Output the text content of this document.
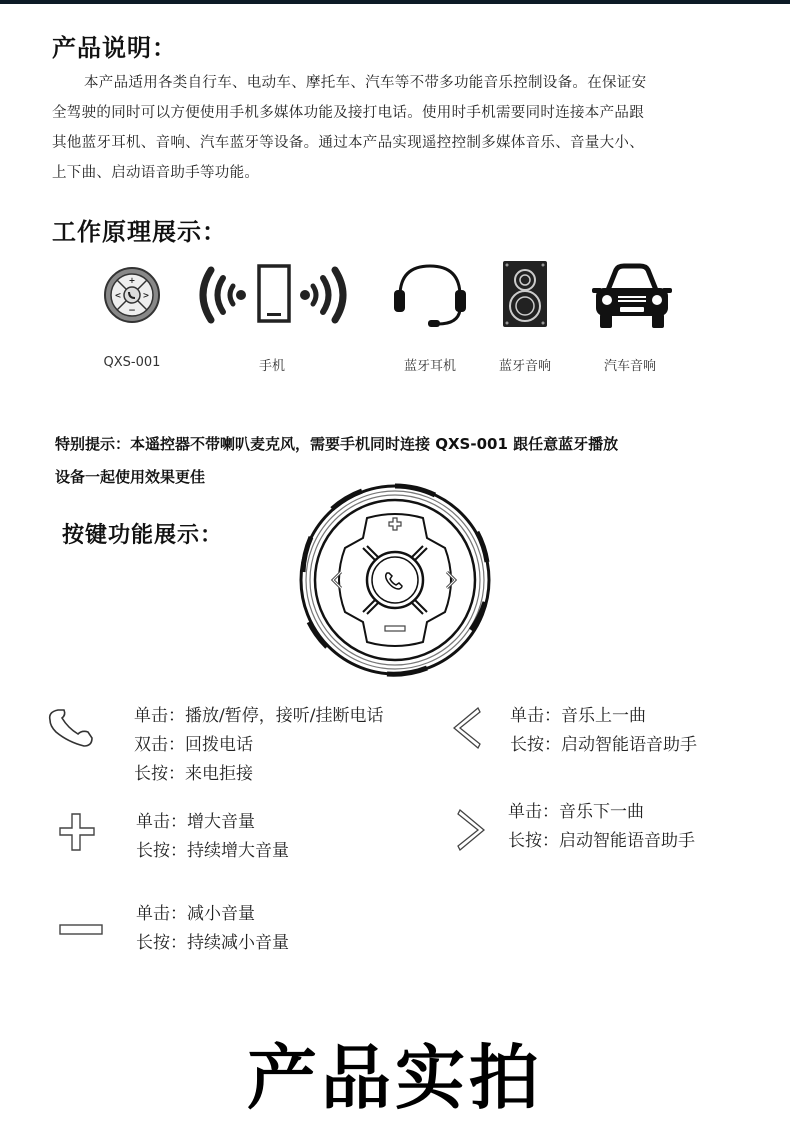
产品说明：
本产品适用各类自行车、电动车、摩托车、汽车等不带多功能音乐控制设备。在保证安
全驾驶的同时可以方便使用手机多媒体功能及接打电话。使用时手机需要同时连接本产品跟
其他蓝牙耳机、音响、汽车蓝牙等设备。通过本产品实现遥控控制多媒体音乐、音量大小、
上下曲、启动语音助手等功能。
工作原理展示：
+
−
<	>
QXS-001	手机	蓝牙耳机	蓝牙音响	汽车音响
特别提示：本遥控器不带喇叭麦克风，需要手机同时连接 QXS-001 跟任意蓝牙播放
设备一起使用效果更佳
按键功能展示：
单击：播放/暂停，接听/挂断电话
双击：回拨电话
长按：来电拒接
单击：音乐上一曲
长按：启动智能语音助手
单击：增大音量
长按：持续增大音量
单击：音乐下一曲
长按：启动智能语音助手
单击：减小音量
长按：持续减小音量
产品实拍
